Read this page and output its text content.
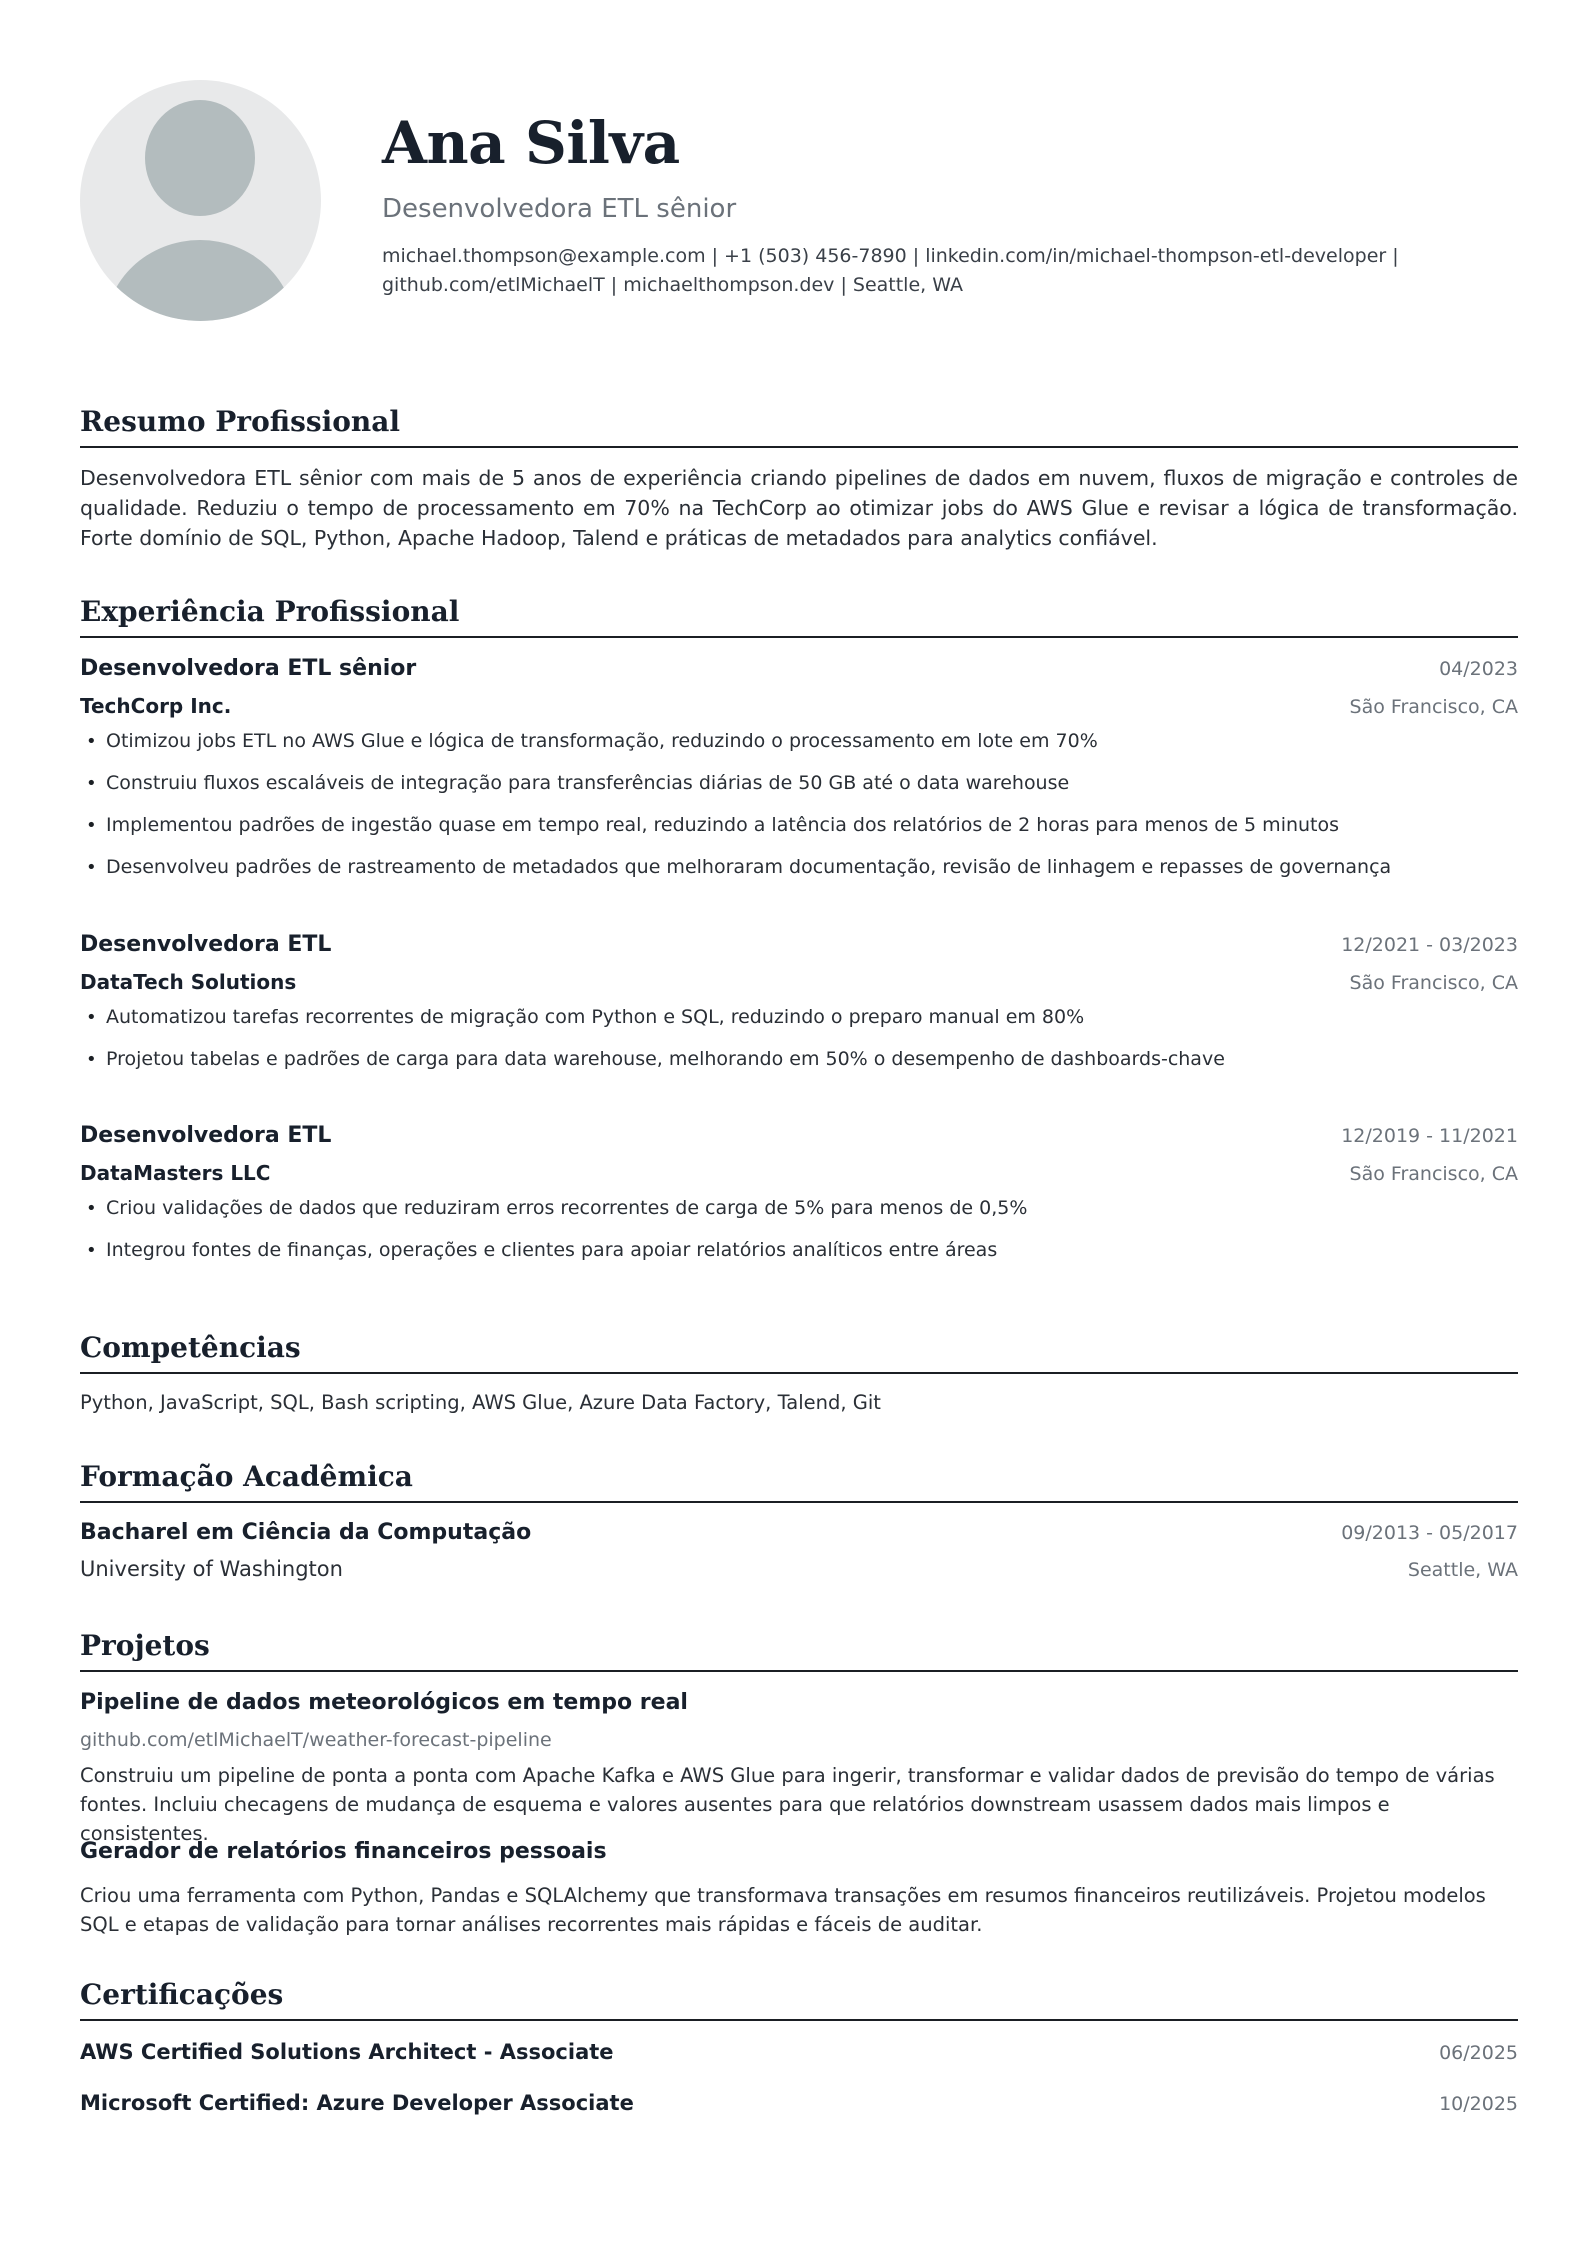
Ana Silva
Desenvolvedora ETL sênior
michael.thompson@example.com | +1 (503) 456-7890 | linkedin.com/in/michael-thompson-etl-developer | github.com/etlMichaelT | michaelthompson.dev | Seattle, WA
Resumo Profissional
Desenvolvedora ETL sênior com mais de 5 anos de experiência criando pipelines de dados em nuvem, fluxos de migração e controles de qualidade. Reduziu o tempo de processamento em 70% na TechCorp ao otimizar jobs do AWS Glue e revisar a lógica de transformação. Forte domínio de SQL, Python, Apache Hadoop, Talend e práticas de metadados para analytics confiável.
Experiência Profissional
Desenvolvedora ETL sênior	04/2023
TechCorp Inc.	São Francisco, CA
• Otimizou jobs ETL no AWS Glue e lógica de transformação, reduzindo o processamento em lote em 70%
• Construiu fluxos escaláveis de integração para transferências diárias de 50 GB até o data warehouse
• Implementou padrões de ingestão quase em tempo real, reduzindo a latência dos relatórios de 2 horas para menos de 5 minutos
• Desenvolveu padrões de rastreamento de metadados que melhoraram documentação, revisão de linhagem e repasses de governança
Desenvolvedora ETL	12/2021 - 03/2023
DataTech Solutions	São Francisco, CA
• Automatizou tarefas recorrentes de migração com Python e SQL, reduzindo o preparo manual em 80%
• Projetou tabelas e padrões de carga para data warehouse, melhorando em 50% o desempenho de dashboards-chave
Desenvolvedora ETL	12/2019 - 11/2021
DataMasters LLC	São Francisco, CA
• Criou validações de dados que reduziram erros recorrentes de carga de 5% para menos de 0,5%
• Integrou fontes de finanças, operações e clientes para apoiar relatórios analíticos entre áreas
Competências
Python, JavaScript, SQL, Bash scripting, AWS Glue, Azure Data Factory, Talend, Git
Formação Acadêmica
Bacharel em Ciência da Computação	09/2013 - 05/2017
University of Washington	Seattle, WA
Projetos
Pipeline de dados meteorológicos em tempo real
github.com/etlMichaelT/weather-forecast-pipeline
Construiu um pipeline de ponta a ponta com Apache Kafka e AWS Glue para ingerir, transformar e validar dados de previsão do tempo de várias fontes. Incluiu checagens de mudança de esquema e valores ausentes para que relatórios downstream usassem dados mais limpos e consistentes.
Gerador de relatórios financeiros pessoais
Criou uma ferramenta com Python, Pandas e SQLAlchemy que transformava transações em resumos financeiros reutilizáveis. Projetou modelos SQL e etapas de validação para tornar análises recorrentes mais rápidas e fáceis de auditar.
Certificações
AWS Certified Solutions Architect - Associate	06/2025
Microsoft Certified: Azure Developer Associate	10/2025
